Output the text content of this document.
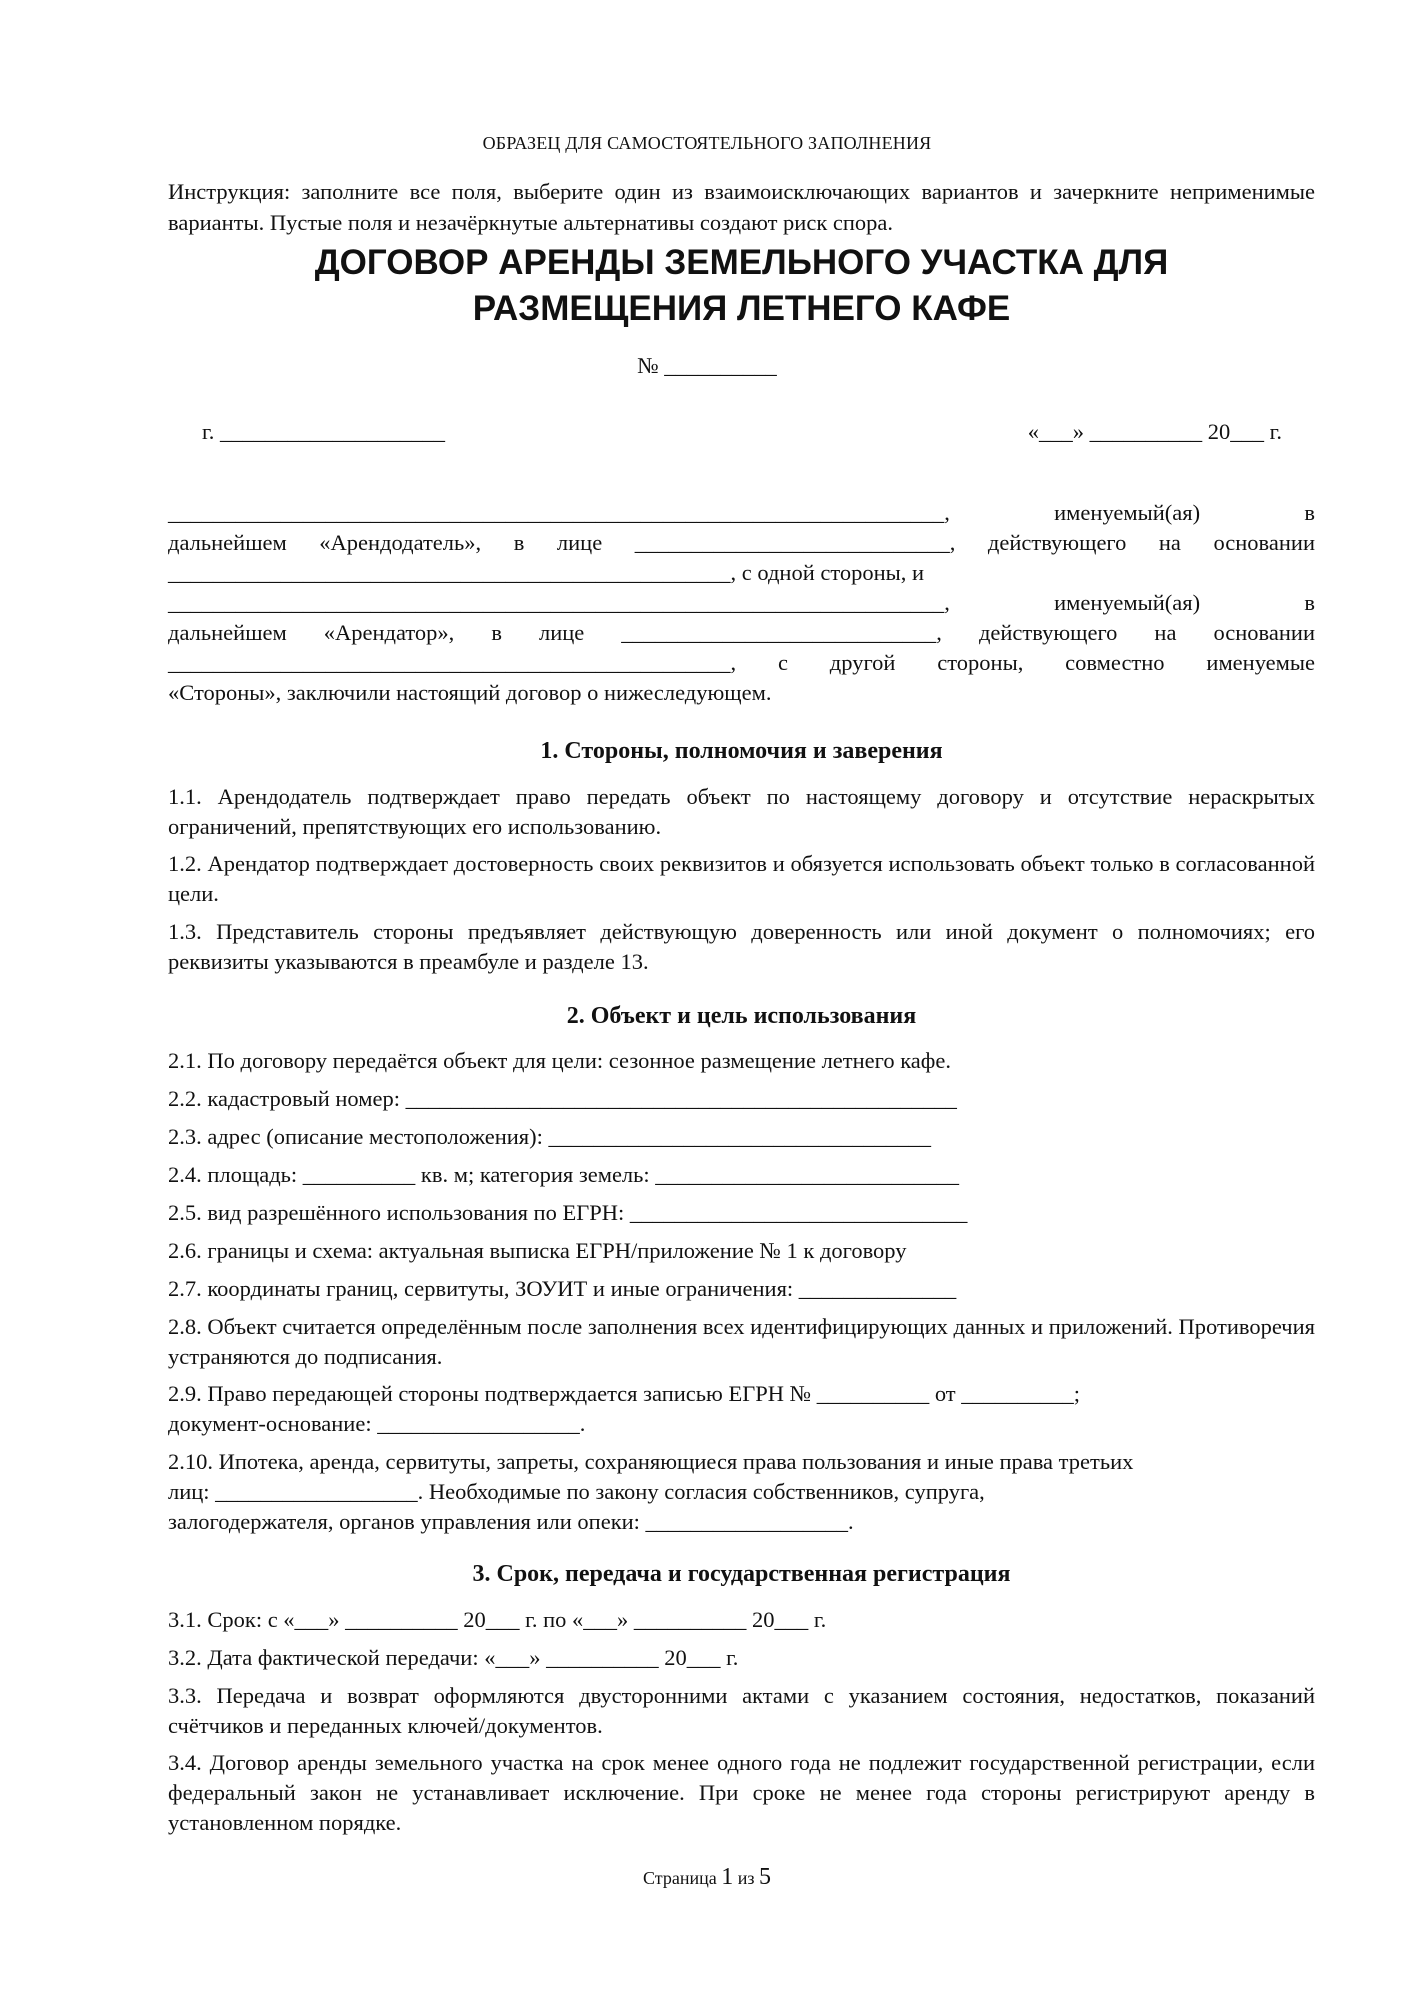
ОБРАЗЕЦ ДЛЯ САМОСТОЯТЕЛЬНОГО ЗАПОЛНЕНИЯ
Инструкция: заполните все поля, выберите один из взаимоисключающих вариантов и зачеркните неприменимые варианты. Пустые поля и незачёркнутые альтернативы создают риск спора.
ДОГОВОР АРЕНДЫ ЗЕМЕЛЬНОГО УЧАСТКА ДЛЯ
РАЗМЕЩЕНИЯ ЛЕТНЕГО КАФЕ
№ __________
г. ____________________	«___» __________ 20___ г.
_____________________________________________________________________, именуемый(ая) в
дальнейшем «Арендодатель», в лице ____________________________, действующего на основании
__________________________________________________, с одной стороны, и
_____________________________________________________________________, именуемый(ая) в
дальнейшем «Арендатор», в лице ____________________________, действующего на основании
__________________________________________________, с другой стороны, совместно именуемые
«Стороны», заключили настоящий договор о нижеследующем.
1. Стороны, полномочия и заверения
1.1. Арендодатель подтверждает право передать объект по настоящему договору и отсутствие нераскрытых ограничений, препятствующих его использованию.
1.2. Арендатор подтверждает достоверность своих реквизитов и обязуется использовать объект только в согласованной цели.
1.3. Представитель стороны предъявляет действующую доверенность или иной документ о полномочиях; его реквизиты указываются в преамбуле и разделе 13.
2. Объект и цель использования
2.1. По договору передаётся объект для цели: сезонное размещение летнего кафе.
2.2. кадастровый номер: _________________________________________________
2.3. адрес (описание местоположения): __________________________________
2.4. площадь: __________ кв. м; категория земель: ___________________________
2.5. вид разрешённого использования по ЕГРН: ______________________________
2.6. границы и схема: актуальная выписка ЕГРН/приложение № 1 к договору
2.7. координаты границ, сервитуты, ЗОУИТ и иные ограничения: ______________
2.8. Объект считается определённым после заполнения всех идентифицирующих данных и приложений. Противоречия устраняются до подписания.
2.9. Право передающей стороны подтверждается записью ЕГРН № __________ от __________;
документ-основание: __________________.
2.10. Ипотека, аренда, сервитуты, запреты, сохраняющиеся права пользования и иные права третьих
лиц: __________________. Необходимые по закону согласия собственников, супруга,
залогодержателя, органов управления или опеки: __________________.
3. Срок, передача и государственная регистрация
3.1. Срок: с «___» __________ 20___ г. по «___» __________ 20___ г.
3.2. Дата фактической передачи: «___» __________ 20___ г.
3.3. Передача и возврат оформляются двусторонними актами с указанием состояния, недостатков, показаний счётчиков и переданных ключей/документов.
3.4. Договор аренды земельного участка на срок менее одного года не подлежит государственной регистрации, если федеральный закон не устанавливает исключение. При сроке не менее года стороны регистрируют аренду в установленном порядке.
Страница 1 из 5
